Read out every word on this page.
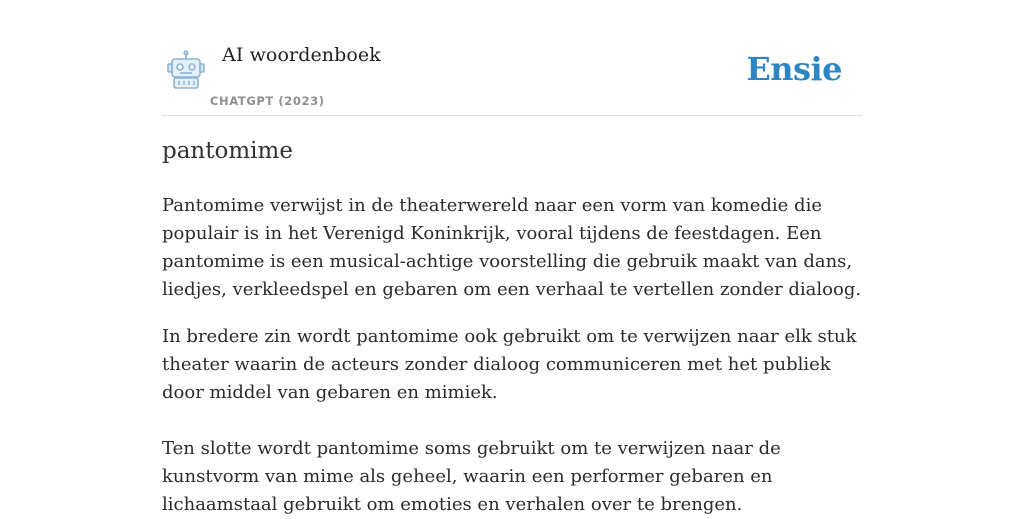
AI woordenboek
CHATGPT (2023)
Ensie
pantomime

Pantomime verwijst in de theaterwereld naar een vorm van komedie die populair is in het Verenigd Koninkrijk, vooral tijdens de feestdagen. Een pantomime is een musical-achtige voorstelling die gebruik maakt van dans, liedjes, verkleedspel en gebaren om een verhaal te vertellen zonder dialoog.

In bredere zin wordt pantomime ook gebruikt om te verwijzen naar elk stuk theater waarin de acteurs zonder dialoog communiceren met het publiek door middel van gebaren en mimiek.

Ten slotte wordt pantomime soms gebruikt om te verwijzen naar de kunstvorm van mime als geheel, waarin een performer gebaren en lichaamstaal gebruikt om emoties en verhalen over te brengen.
